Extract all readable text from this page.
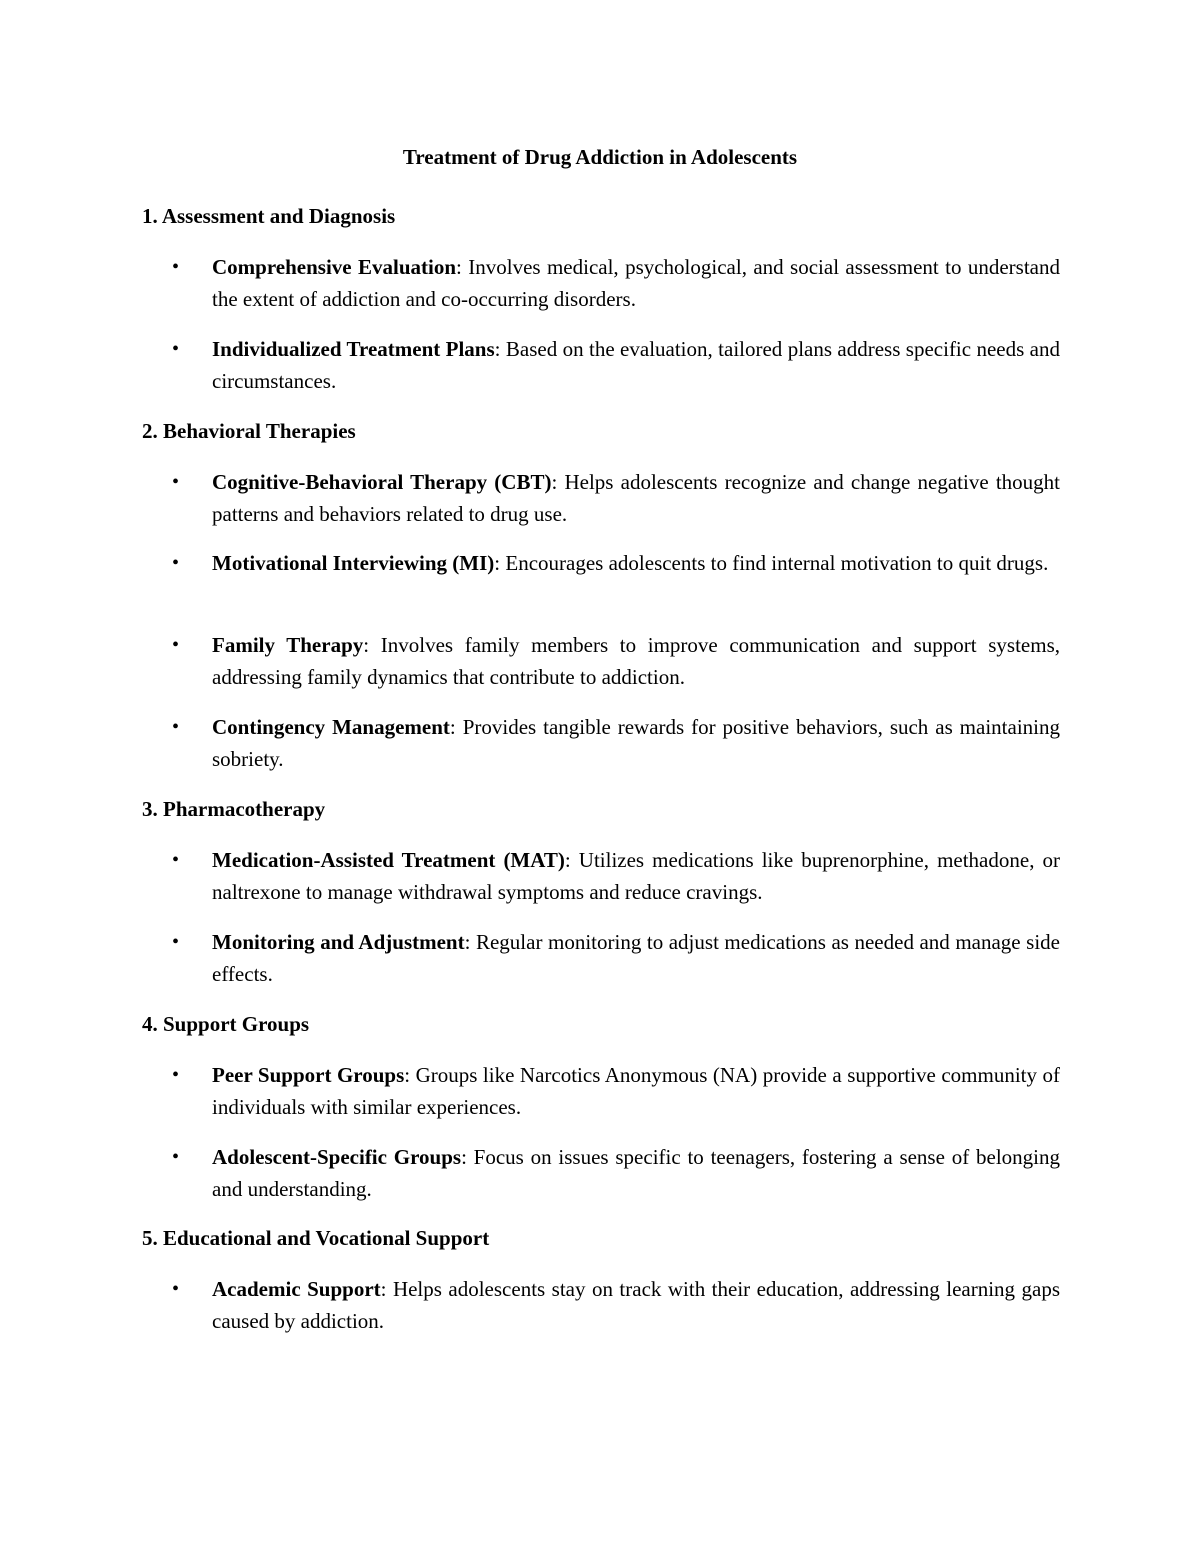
Treatment of Drug Addiction in Adolescents
1. Assessment and Diagnosis
• Comprehensive Evaluation: Involves medical, psychological, and social assessment to understand the extent of addiction and co-occurring disorders.
• Individualized Treatment Plans: Based on the evaluation, tailored plans address specific needs and circumstances.
2. Behavioral Therapies
• Cognitive-Behavioral Therapy (CBT): Helps adolescents recognize and change negative thought patterns and behaviors related to drug use.
• Motivational Interviewing (MI): Encourages adolescents to find internal motivation to quit drugs.
• Family Therapy: Involves family members to improve communication and support systems, addressing family dynamics that contribute to addiction.
• Contingency Management: Provides tangible rewards for positive behaviors, such as maintaining sobriety.
3. Pharmacotherapy
• Medication-Assisted Treatment (MAT): Utilizes medications like buprenorphine, methadone, or naltrexone to manage withdrawal symptoms and reduce cravings.
• Monitoring and Adjustment: Regular monitoring to adjust medications as needed and manage side effects.
4. Support Groups
• Peer Support Groups: Groups like Narcotics Anonymous (NA) provide a supportive community of individuals with similar experiences.
• Adolescent-Specific Groups: Focus on issues specific to teenagers, fostering a sense of belonging and understanding.
5. Educational and Vocational Support
• Academic Support: Helps adolescents stay on track with their education, addressing learning gaps caused by addiction.
